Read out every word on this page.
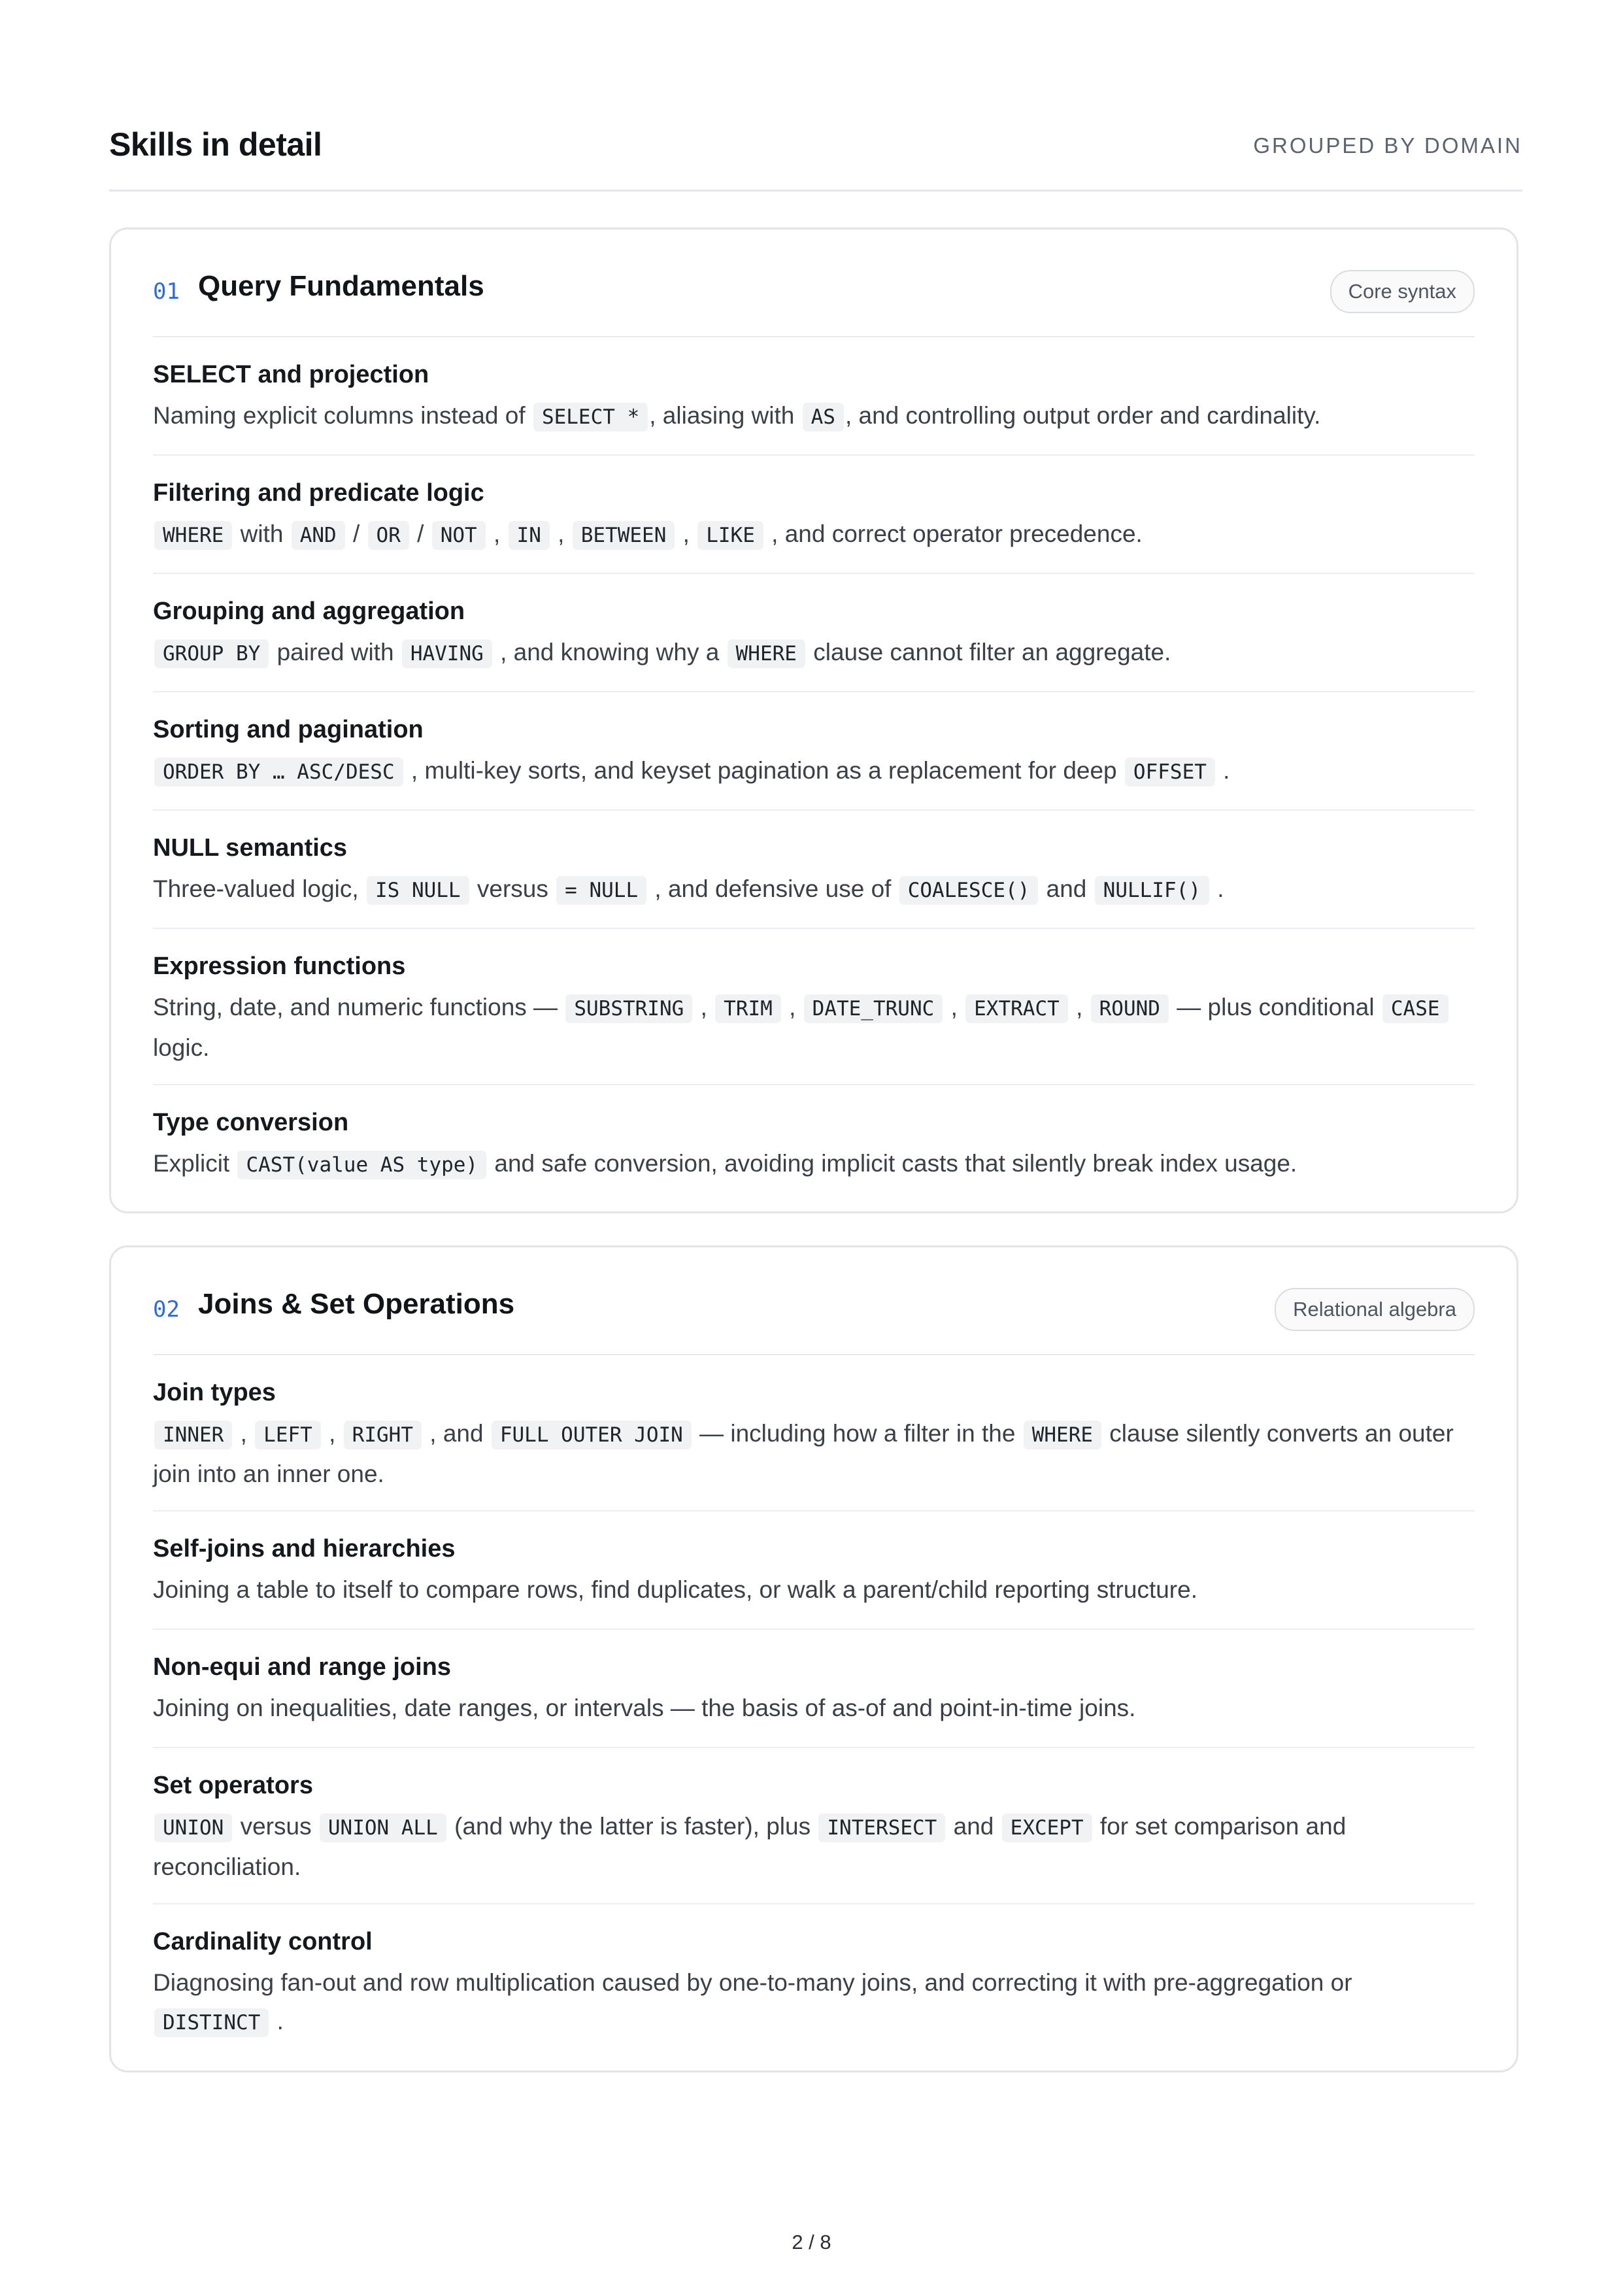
Skills in detail	GROUPED BY DOMAIN
01 Query Fundamentals	Core syntax
SELECT and projection
Naming explicit columns instead of SELECT * , aliasing with AS , and controlling output order and cardinality.
Filtering and predicate logic
WHERE with AND / OR / NOT , IN , BETWEEN , LIKE , and correct operator precedence.
Grouping and aggregation
GROUP BY paired with HAVING , and knowing why a WHERE clause cannot filter an aggregate.
Sorting and pagination
ORDER BY … ASC/DESC , multi-key sorts, and keyset pagination as a replacement for deep OFFSET .
NULL semantics
Three-valued logic, IS NULL versus = NULL , and defensive use of COALESCE() and NULLIF() .
Expression functions
String, date, and numeric functions — SUBSTRING , TRIM , DATE_TRUNC , EXTRACT , ROUND — plus conditional CASE logic.
Type conversion
Explicit CAST(value AS type) and safe conversion, avoiding implicit casts that silently break index usage.
02 Joins & Set Operations	Relational algebra
Join types
INNER , LEFT , RIGHT , and FULL OUTER JOIN — including how a filter in the WHERE clause silently converts an outer join into an inner one.
Self-joins and hierarchies
Joining a table to itself to compare rows, find duplicates, or walk a parent/child reporting structure.
Non-equi and range joins
Joining on inequalities, date ranges, or intervals — the basis of as-of and point-in-time joins.
Set operators
UNION versus UNION ALL (and why the latter is faster), plus INTERSECT and EXCEPT for set comparison and reconciliation.
Cardinality control
Diagnosing fan-out and row multiplication caused by one-to-many joins, and correcting it with pre-aggregation or DISTINCT .
2 / 8
